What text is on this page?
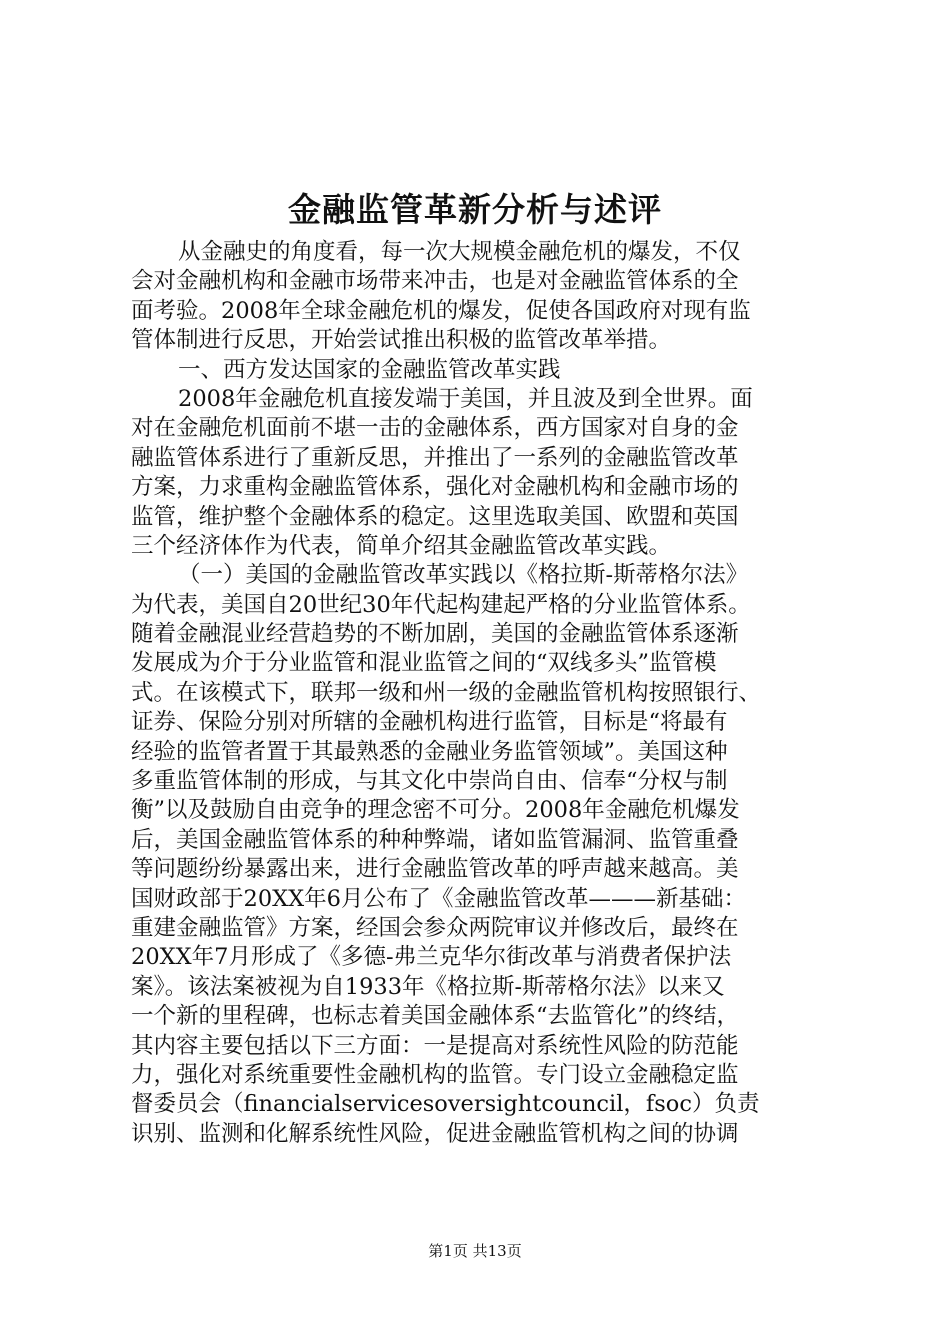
金融监管革新分析与述评
从金融史的角度看，每一次大规模金融危机的爆发，不仅
会对金融机构和金融市场带来冲击，也是对金融监管体系的全
面考验。2008年全球金融危机的爆发，促使各国政府对现有监
管体制进行反思，开始尝试推出积极的监管改革举措。
一、西方发达国家的金融监管改革实践
2008年金融危机直接发端于美国，并且波及到全世界。面
对在金融危机面前不堪一击的金融体系，西方国家对自身的金
融监管体系进行了重新反思，并推出了一系列的金融监管改革
方案，力求重构金融监管体系，强化对金融机构和金融市场的
监管，维护整个金融体系的稳定。这里选取美国、欧盟和英国
三个经济体作为代表，简单介绍其金融监管改革实践。
（一）美国的金融监管改革实践以《格拉斯-斯蒂格尔法》
为代表，美国自20世纪30年代起构建起严格的分业监管体系。
随着金融混业经营趋势的不断加剧，美国的金融监管体系逐渐
发展成为介于分业监管和混业监管之间的“双线多头”监管模
式。在该模式下，联邦一级和州一级的金融监管机构按照银行、
证券、保险分别对所辖的金融机构进行监管，目标是“将最有
经验的监管者置于其最熟悉的金融业务监管领域”。美国这种
多重监管体制的形成，与其文化中崇尚自由、信奉“分权与制
衡”以及鼓励自由竞争的理念密不可分。2008年金融危机爆发
后，美国金融监管体系的种种弊端，诸如监管漏洞、监管重叠
等问题纷纷暴露出来，进行金融监管改革的呼声越来越高。美
国财政部于20XX年6月公布了《金融监管改革———新基础：
重建金融监管》方案，经国会参众两院审议并修改后，最终在
20XX年7月形成了《多德-弗兰克华尔街改革与消费者保护法
案》。该法案被视为自1933年《格拉斯-斯蒂格尔法》以来又
一个新的里程碑，也标志着美国金融体系“去监管化”的终结，
其内容主要包括以下三方面：一是提高对系统性风险的防范能
力，强化对系统重要性金融机构的监管。专门设立金融稳定监
督委员会（financialservicesoversightcouncil，fsoc）负责
识别、监测和化解系统性风险，促进金融监管机构之间的协调
第1页 共13页
